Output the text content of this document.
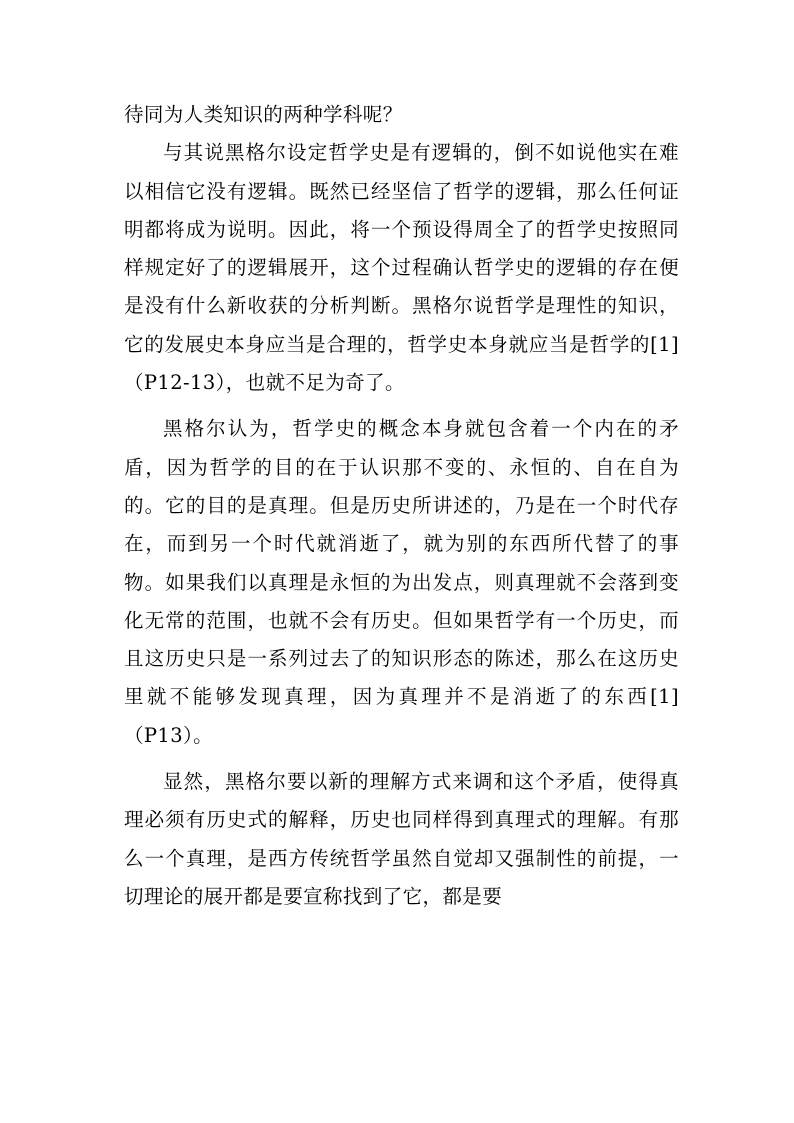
待同为人类知识的两种学科呢？

与其说黑格尔设定哲学史是有逻辑的，倒不如说他实在难以相信它没有逻辑。既然已经坚信了哲学的逻辑，那么任何证明都将成为说明。因此，将一个预设得周全了的哲学史按照同样规定好了的逻辑展开，这个过程确认哲学史的逻辑的存在便是没有什么新收获的分析判断。黑格尔说哲学是理性的知识，它的发展史本身应当是合理的，哲学史本身就应当是哲学的[1]（P12-13），也就不足为奇了。

黑格尔认为，哲学史的概念本身就包含着一个内在的矛盾，因为哲学的目的在于认识那不变的、永恒的、自在自为的。它的目的是真理。但是历史所讲述的，乃是在一个时代存在，而到另一个时代就消逝了，就为别的东西所代替了的事物。如果我们以真理是永恒的为出发点，则真理就不会落到变化无常的范围，也就不会有历史。但如果哲学有一个历史，而且这历史只是一系列过去了的知识形态的陈述，那么在这历史里就不能够发现真理，因为真理并不是消逝了的东西[1]（P13）。

显然，黑格尔要以新的理解方式来调和这个矛盾，使得真理必须有历史式的解释，历史也同样得到真理式的理解。有那么一个真理，是西方传统哲学虽然自觉却又强制性的前提，一切理论的展开都是要宣称找到了它，都是要
